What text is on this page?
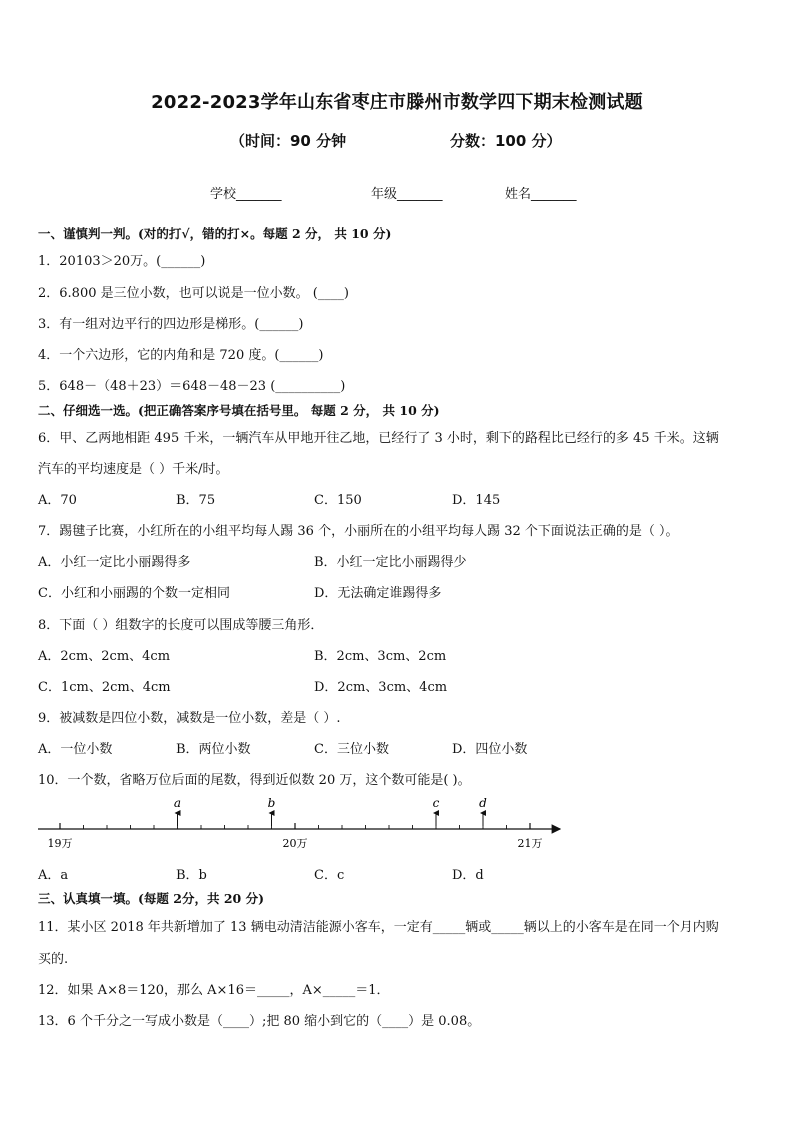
2022-2023学年山东省枣庄市滕州市数学四下期末检测试题
（时间：90 分钟	分数：100 分）
学校_______	年级_______	姓名_______
一、谨慎判一判。(对的打√，错的打×。每题 2 分， 共 10 分)
1．20103＞20万。(______)
2．6.800 是三位小数，也可以说是一位小数。 (____)
3．有一组对边平行的四边形是梯形。(______)
4．一个六边形，它的内角和是 720 度。(______)
5．648－（48＋23）＝648－48－23 (__________)
二、仔细选一选。(把正确答案序号填在括号里。 每题 2 分， 共 10 分)
6．甲、乙两地相距 495 千米，一辆汽车从甲地开往乙地，已经行了 3 小时，剩下的路程比已经行的多 45 千米。这辆
汽车的平均速度是（ ）千米/时。
A．70	B．75	C．150	D．145
7．踢毽子比赛，小红所在的小组平均每人踢 36 个，小丽所在的小组平均每人踢 32 个下面说法正确的是（ ）。
A．小红一定比小丽踢得多	B．小红一定比小丽踢得少
C．小红和小丽踢的个数一定相同	D．无法确定谁踢得多
8．下面（ ）组数字的长度可以围成等腰三角形．
A．2cm、2cm、4cm	B．2cm、3cm、2cm
C．1cm、2cm、4cm	D．2cm、3cm、4cm
9．被减数是四位小数，减数是一位小数，差是（ ）.
A．一位小数	B．两位小数	C．三位小数	D．四位小数
10．一个数，省略万位后面的尾数，得到近似数 20 万，这个数可能是( )。
19万	20万	21万
a	b	c	d
A．a	B．b	C．c	D．d
三、认真填一填。(每题 2分，共 20 分)
11．某小区 2018 年共新增加了 13 辆电动清洁能源小客车，一定有_____辆或_____辆以上的小客车是在同一个月内购
买的.
12．如果 A×8＝120，那么 A×16＝_____，A×_____＝1．
13．6 个千分之一写成小数是（____）;把 80 缩小到它的（____）是 0.08。
